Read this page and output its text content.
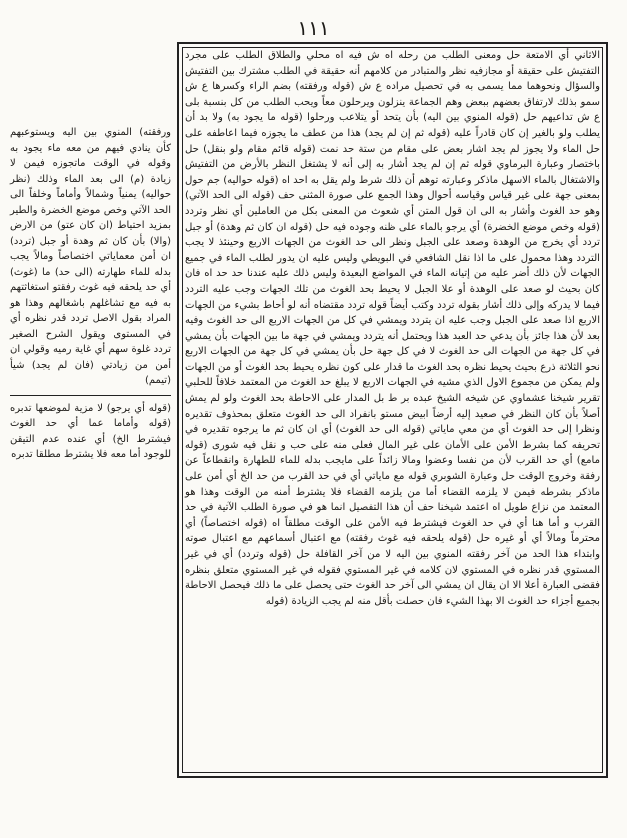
١١١

الاثاني أي الامتعة حل ومعنى الطلب من رحله اه ش فيه اه محلي والطلاق الطلب على مجرد التفتيش على حقيقة أو مجازفيه نظر والمتبادر من كلامهم أنه حقيقة في الطلب مشترك بين التفتيش والسؤال ونحوهما مما يسمى به في تحصيل مراده ع ش (قوله ورفقته) بضم الراء وكسرها ع ش سمو بذلك لارتفاق بعضهم ببعض وهم الجماعة ينزلون ويرحلون معاً ويحب الطلب من كل بنسبة بلى ع ش تداعيهم حل (قوله المنوي بين اليه) بأن يتحد أو يتلاعب ورحلوا (قوله ما يجود به) ولا بد أن يطلب ولو بالغير إن كان قادراً عليه (قوله ثم إن لم يجد) هذا من عطف ما يجوزه فيما اعاطفه على حل الماء ولا يجوز لم يجد اشار بعض على مقام من ستة حد نمت (قوله قائم مقام ولو بنقل) حل باختصار وعبارة البرماوي قوله ثم إن لم يجد أشار به إلى أنه لا يشتغل النظر بالأرض من التفتيش والاشتغال بالماء الاسهل ماذكر وعبارته توهم أن ذلك شرط ولم يقل به احد اه (قوله حواليه) جم حول بمعنى جهة على غير قياس وقياسه أحوال وهذا الجمع على صورة المثنى حف (قوله الى الحد الآتي) وهو حد الغوث وأشار به الى ان قول المتن أي شعوث من المعنى بكل من العاملين أي نظر وتردد (قوله وخص موضع الخضرة) أي يرجو بالماء على ظنه وجوده فيه حل (قوله ان كان ثم وهدة) أو جبل تردد أي يخرج من الوهدة وصعد على الجبل ونظر الى حد الغوث من الجهات الاربع وحينئذ لا يجب التردد وهذا محمول على ما اذا نقل الشافعي في البويطي وليس عليه ان يدور لطلب الماء في جميع الجهات لأن ذلك أضر عليه من إتيانه الماء في المواضع البعيدة وليس ذلك عليه عندنا حد حد اه فان كان بحيث لو صعد على الوهدة أو علا الجبل لا يحيط بحد الغوث من تلك الجهات وجب عليه التردد فيما لا يدركه وإلى ذلك أشار بقوله تردد وكتب أيضاً قوله تردد مقتضاه أنه لو أحاط بشيء من الجهات الاربع اذا صعد على الجبل وجب عليه ان يتردد ويمشي في كل من الجهات الاربع الى حد الغوث وفيه بعد لأن هذا جائز بأن يدعي حد العبد هذا ويحتمل أنه يتردد ويمشي في جهة ما بين الجهات بأن يمشي في كل جهة من الجهات الى حد الغوث لا في كل جهة حل بأن يمشي في كل جهة من الجهات الاربع نحو الثلاثة ذرع بحيث يحيط نظره بحد الغوث ما قدار على كون نظره يحيط بحد الغوث أو من الجهات ولم يمكن من مجموع الاول الذي مشيه في الجهات الاربع لا يبلغ حد الغوث من المعتمد خلافاً للحلبي تقرير شيخنا عشماوي عن شيخه الشيخ عبده بر ط بل المدار على الاحاطة بحد الغوث ولو لم يمش أصلاً بأن كان النظر في صعيد إليه أرضاً ابيض مستو بانفراد الى حد الغوث متعلق بمحذوف تقديره ونظرا إلى حد الغوث أي من معي ماياتي (قوله الى حد الغوث) أي ان كان ثم ما يرجوه تقديره في تحريفه كما بشرط الأمن على الأمان على غير المال فعلى منه على حب و نقل فيه شورى (قوله مامع) أي حد القرب لأن من نفسا وعضوا ومالا زائداً على مايجب بدله للماء للطهارة وانقطاعاً عن رفقة وخروج الوقت حل وعبارة الشوبري قوله مع ماياتي أي في حد القرب من حد الخ أي أمن على ماذكر بشرطه فيمن لا يلزمه القضاء أما من يلزمه القضاء فلا يشترط أمنه من الوقت وهذا هو المعتمد من نزاع طويل اه اعتمد شيخنا حف أن هذا التفصيل انما هو في صورة الطلب الآتية في حد القرب و أما هنا أي في حد الغوث فيشترط فيه الأمن على الوقت مطلقاً اه (قوله اختصاصاً) أي محترماً ومالاً أي أو غيره حل (قوله يلحقه فيه غوث رفقته) مع اعتبال أسماعهم مع اعتبال صوته وابتداء هذا الحد من آخر رفقته المنوي بين اليه لا من آخر القافلة حل (قوله وتردد) أي في غير المستوي قدر نظره في المستوي لان كلامه في غير المستوي فقوله في غير المستوي متعلق بنظره فقضى العبارة أعلا الا ان يقال ان يمشي الى آخر حد الغوث حتى يحصل على ما ذلك فيحصل الاحاطة بجميع أجزاء حد الغوث الا بهذا الشيء فان حصلت بأقل منه لم يجب الزيادة (قوله

ورفقته) المنوي بين اليه ويستوعبهم كأن ينادي فيهم من معه ماء يجود به وقوله في الوقت ماتجوزه فيمن لا زيادة (م) الى بعد الماء وذلك (نظر حواليه) يمنياً وشمالاً وأماماً وخلفاً الى الحد الآتي وخص موضع الخضرة والطير بمزيد احتياط (ان كان عتو) من الارض (والا) بأن كان ثم وهدة أو جبل (تردد) ان أمن معماياتي اختصاصاً ومالاً يجب بدله للماء طهارته (الى حد) ما (غوث) أي حد يلحقه فيه غوث رفقتو استغاثتهم به فيه مع تشاغلهم باشغالهم وهذا هو المراد بقول الاصل تردد قدر نظره أي في المستوى ويقول الشرح الصغير تردد غلوة سهم أي غاية رميه وقولي ان أمن من زيادتي (فان لم يجد) شيأ (تيمم)

(قوله أي يرجو) لا مزية لموضعها تدبره (قوله وأماما عما أي حد الغوث فيشترط الخ) أي عنده عدم التيقن للوجود أما معه فلا يشترط مطلقا تدبره
